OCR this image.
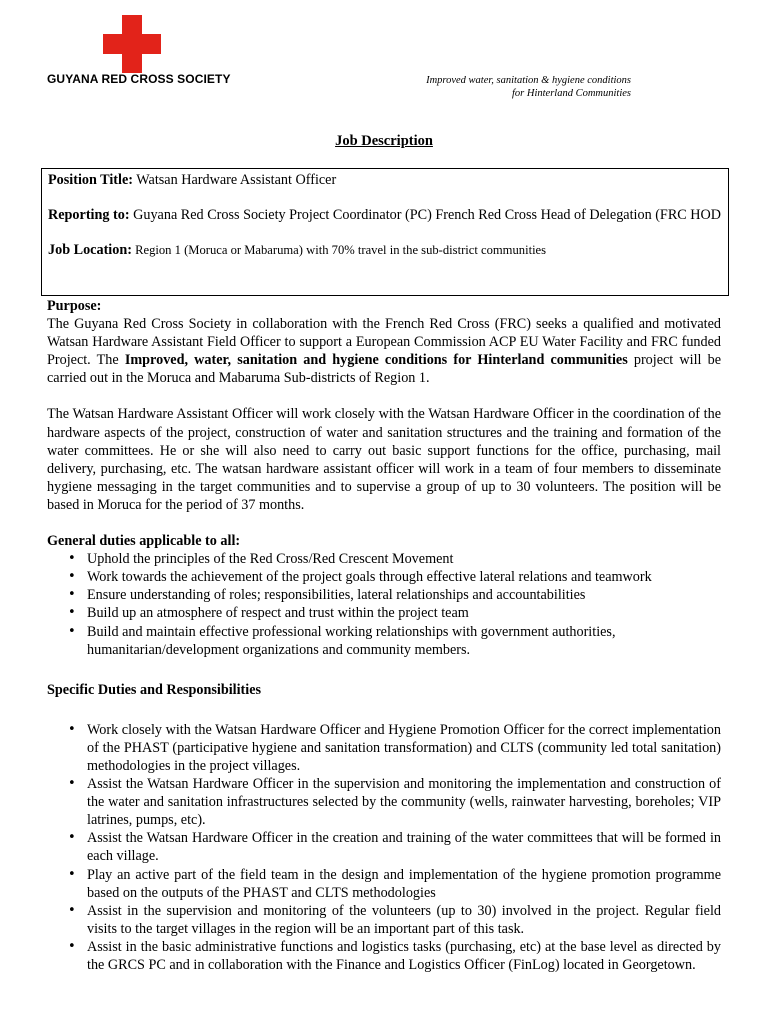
GUYANA RED CROSS SOCIETY	Improved water, sanitation & hygiene conditions
for Hinterland Communities
Job Description

Position Title: Watsan Hardware Assistant Officer

Reporting to: Guyana Red Cross Society Project Coordinator (PC) French Red Cross Head of Delegation (FRC HOD

Job Location: Region 1 (Moruca or Mabaruma) with 70% travel in the sub-district communities

Purpose:

The Guyana Red Cross Society in collaboration with the French Red Cross (FRC) seeks a qualified and motivated Watsan Hardware Assistant Field Officer to support a European Commission ACP EU Water Facility and FRC funded Project. The Improved, water, sanitation and hygiene conditions for Hinterland communities project will be carried out in the Moruca and Mabaruma Sub-districts of Region 1.

The Watsan Hardware Assistant Officer will work closely with the Watsan Hardware Officer in the coordination of the hardware aspects of the project, construction of water and sanitation structures and the training and formation of the water committees. He or she will also need to carry out basic support functions for the office, purchasing, mail delivery, purchasing, etc. The watsan hardware assistant officer will work in a team of four members to disseminate hygiene messaging in the target communities and to supervise a group of up to 30 volunteers. The position will be based in Moruca for the period of 37 months.

General duties applicable to all:

• Uphold the principles of the Red Cross/Red Crescent Movement
• Work towards the achievement of the project goals through effective lateral relations and teamwork
• Ensure understanding of roles; responsibilities, lateral relationships and accountabilities
• Build up an atmosphere of respect and trust within the project team
• Build and maintain effective professional working relationships with government authorities, humanitarian/development organizations and community members.

Specific Duties and Responsibilities

• Work closely with the Watsan Hardware Officer and Hygiene Promotion Officer for the correct implementation of the PHAST (participative hygiene and sanitation transformation) and CLTS (community led total sanitation) methodologies in the project villages.
• Assist the Watsan Hardware Officer in the supervision and monitoring the implementation and construction of the water and sanitation infrastructures selected by the community (wells, rainwater harvesting, boreholes; VIP latrines, pumps, etc).
• Assist the Watsan Hardware Officer in the creation and training of the water committees that will be formed in each village.
• Play an active part of the field team in the design and implementation of the hygiene promotion programme based on the outputs of the PHAST and CLTS methodologies
• Assist in the supervision and monitoring of the volunteers (up to 30) involved in the project. Regular field visits to the target villages in the region will be an important part of this task.
• Assist in the basic administrative functions and logistics tasks (purchasing, etc) at the base level as directed by the GRCS PC and in collaboration with the Finance and Logistics Officer (FinLog) located in Georgetown.
